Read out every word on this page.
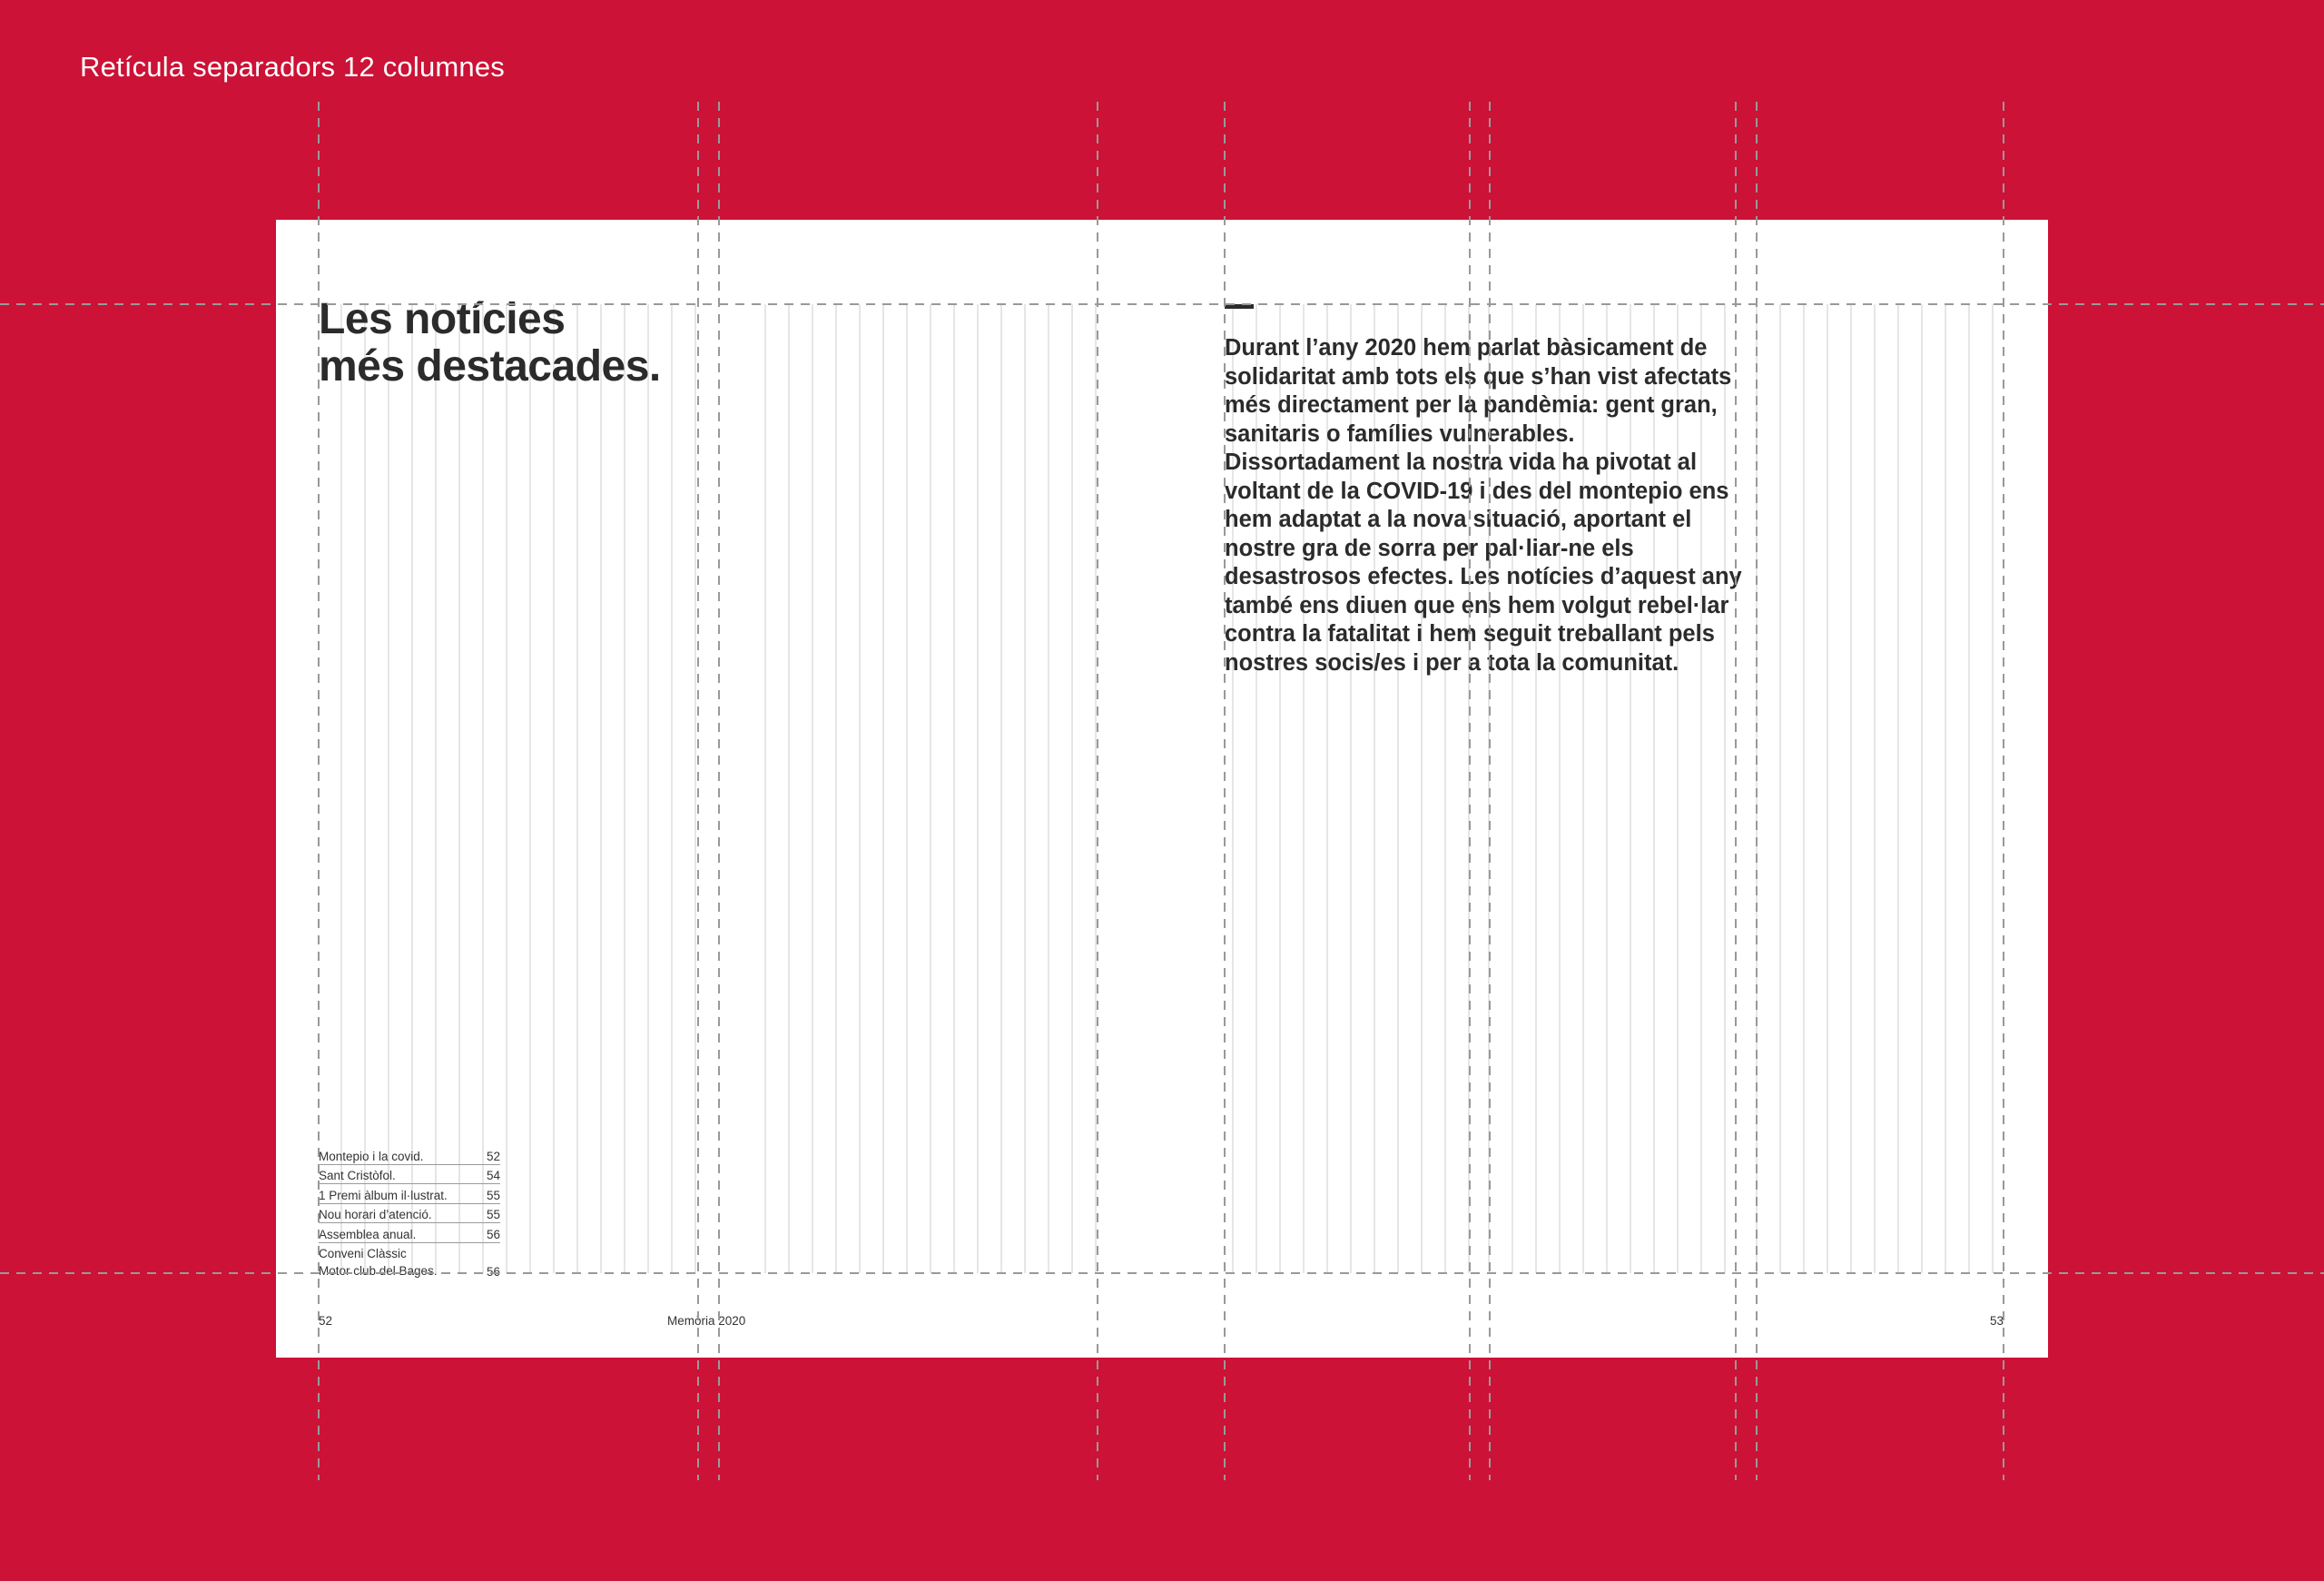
Retícula separadors 12 columnes
Les notícies
més destacades.	Durant l’any 2020 hem parlat bàsicament de solidaritat amb tots els que s’han vist afectats més directament per la pandèmia: gent gran, sanitaris o famílies vulnerables. Dissortadament la nostra vida ha pivotat al voltant de la COVID-19 i des del montepio ens hem adaptat a la nova situació, aportant el nostre gra de sorra per pal·liar-ne els desastrosos efectes. Les notícies d’aquest any també ens diuen que ens hem volgut rebel·lar contra la fatalitat i hem seguit treballant pels nostres socis/es i per a tota la comunitat.

Montepio i la covid.	52
Sant Cristòfol.	54
1 Premi àlbum il·lustrat.	55
Nou horari d’atenció.	55
Assemblea anual.	56
Conveni Clàssic
Motor club del Bages.	56
52	Memòria 2020	53
